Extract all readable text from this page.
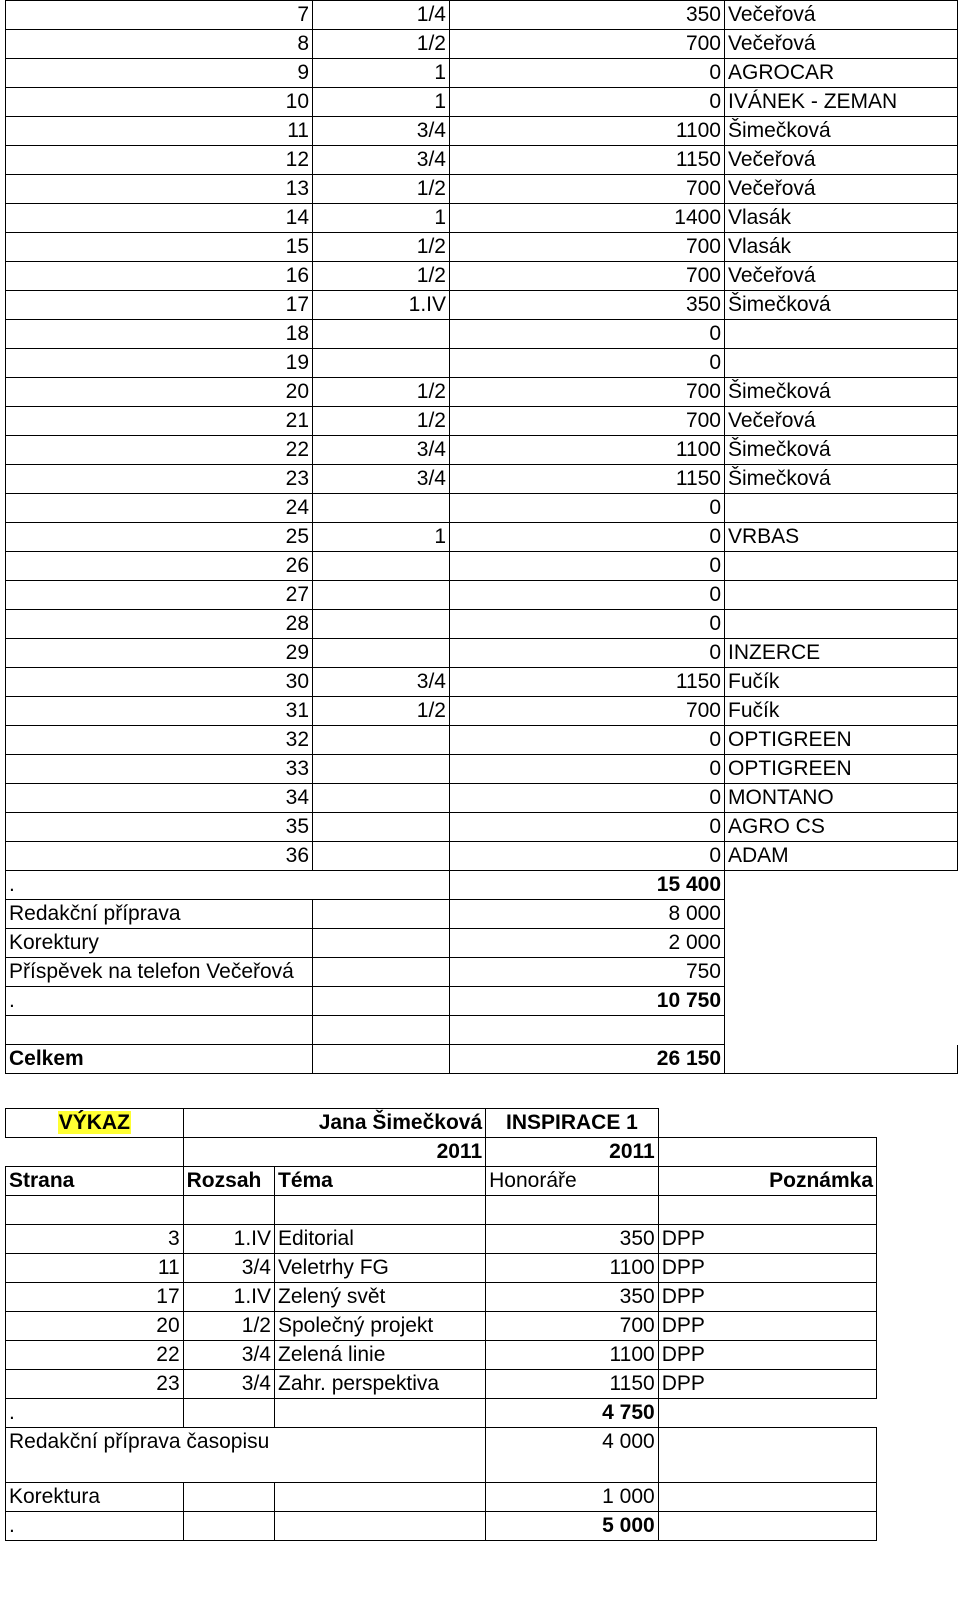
7	1/4	350	Večeřová
8	1/2	700	Večeřová
9	1	0	AGROCAR
10	1	0	IVÁNEK - ZEMAN
11	3/4	1100	Šimečková
12	3/4	1150	Večeřová
13	1/2	700	Večeřová
14	1	1400	Vlasák
15	1/2	700	Vlasák
16	1/2	700	Večeřová
17	1.IV	350	Šimečková
18		0	
19		0	
20	1/2	700	Šimečková
21	1/2	700	Večeřová
22	3/4	1100	Šimečková
23	3/4	1150	Šimečková
24		0	
25	1	0	VRBAS
26		0	
27		0	
28		0	
29		0	INZERCE
30	3/4	1150	Fučík
31	1/2	700	Fučík
32		0	OPTIGREEN
33		0	OPTIGREEN
34		0	MONTANO
35		0	AGRO CS
36		0	ADAM
.		15 400	
Redakční příprava		8 000	
Korektury		2 000	
Příspěvek na telefon Večeřová		750	
.		10 750	

Celkem		26 150	
VÝKAZ	Jana Šimečková		INSPIRACE 1	
	2011		2011	
Strana	Rozsah	Téma	Honoráře	Poznámka

3	1.IV	Editorial	350	DPP
11	3/4	Veletrhy FG	1100	DPP
17	1.IV	Zelený svět	350	DPP
20	1/2	Společný projekt	700	DPP
22	3/4	Zelená linie	1100	DPP
23	3/4	Zahr. perspektiva	1150	DPP
.			4 750	
Redakční příprava časopisu			4 000	
Korektura			1 000	
.			5 000	
